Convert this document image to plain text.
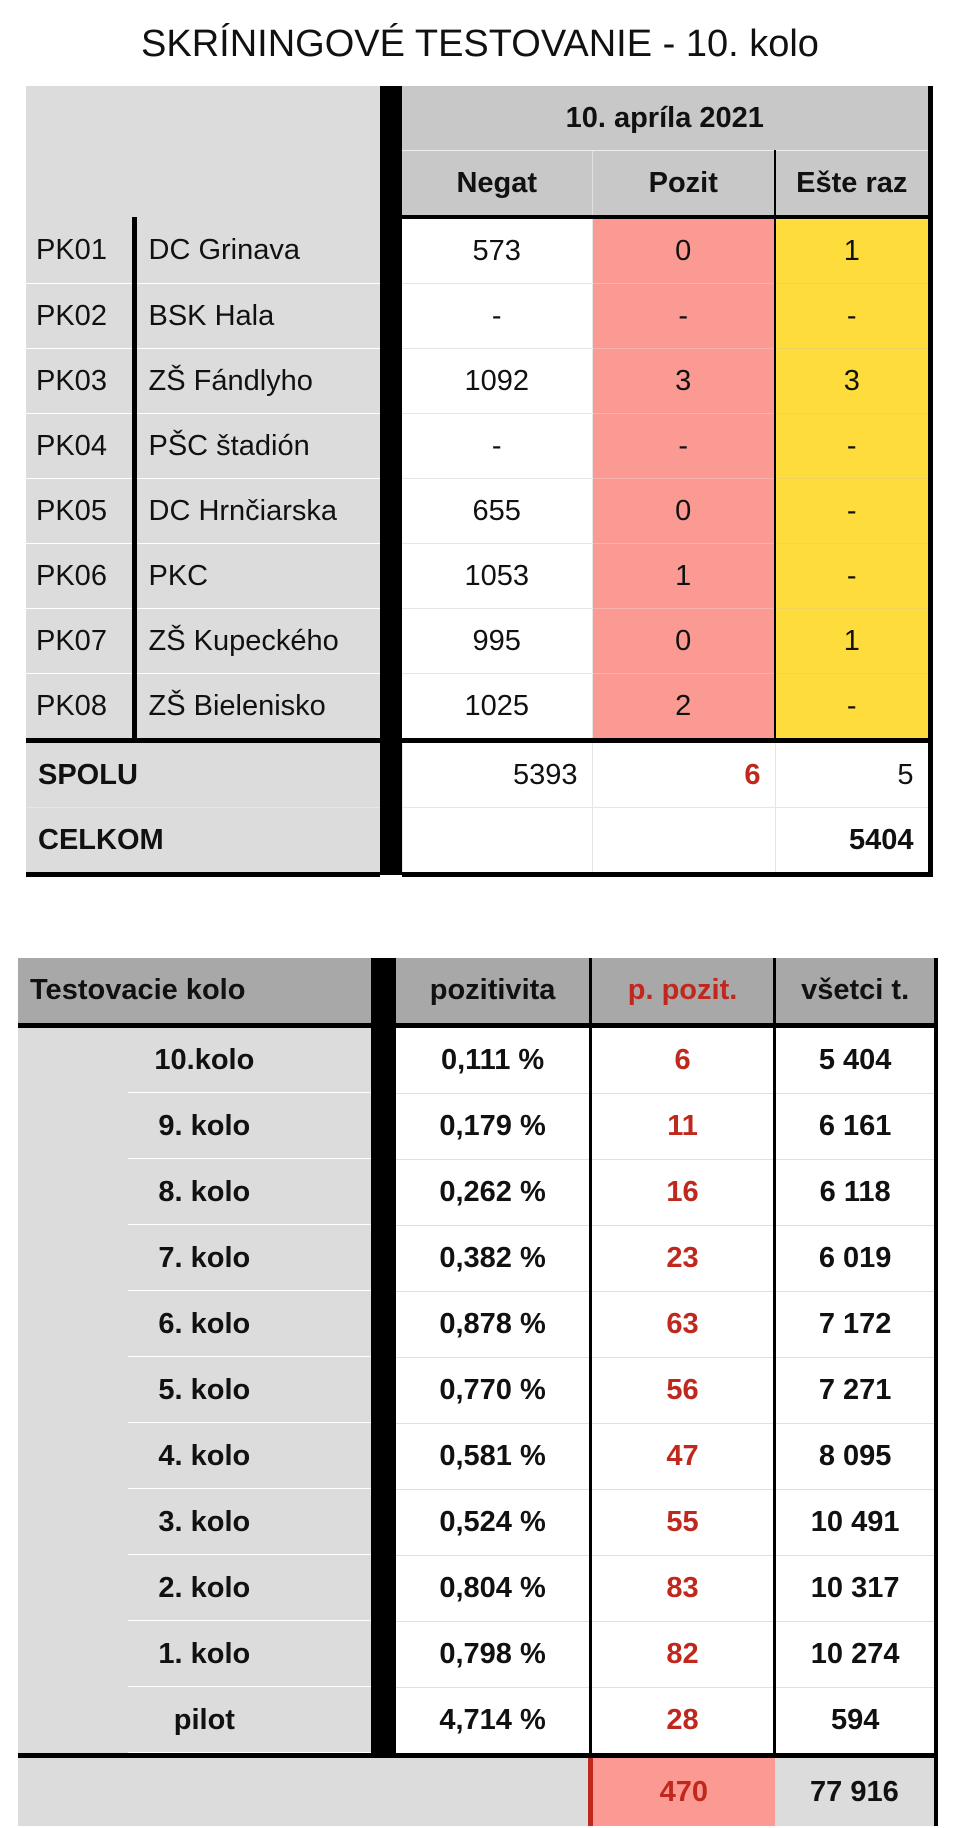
SKRÍNINGOVÉ TESTOVANIE - 10. kolo
			10. apríla 2021		
			Negat	Pozit	Ešte raz
PK01	DC Grinava		573	0	1
PK02	BSK Hala		-	-	-
PK03	ZŠ Fándlyho		1092	3	3
PK04	PŠC štadión		-	-	-
PK05	DC Hrnčiarska		655	0	-
PK06	PKC		1053	1	-
PK07	ZŠ Kupeckého		995	0	1
PK08	ZŠ Bielenisko		1025	2	-
SPOLU			5393	6	5
CELKOM					5404
Testovacie kolo		pozitivita	p. pozit.	všetci t.

10.kolo		0,111 %	6	5 404

9. kolo		0,179 %	11	6 161

8. kolo		0,262 %	16	6 118

7. kolo		0,382 %	23	6 019

6. kolo		0,878 %	63	7 172

5. kolo		0,770 %	56	7 271

4. kolo		0,581 %	47	8 095

3. kolo		0,524 %	55	10 491

2. kolo		0,804 %	83	10 317

1. kolo		0,798 %	82	10 274

pilot		4,714 %	28	594
			470	77 916
